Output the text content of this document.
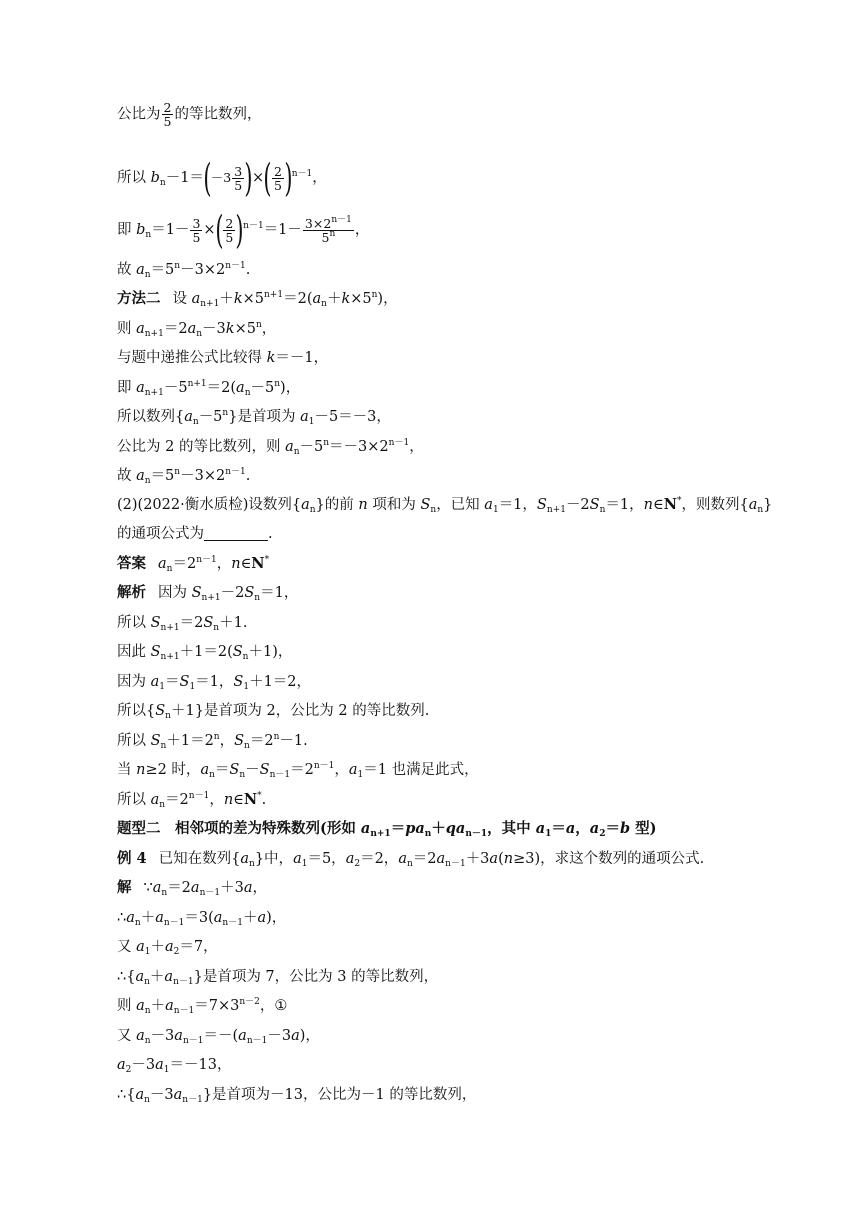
公比为 $\frac{2}{5}$ 的等比数列，
所以 $b_n-1=$ ( $-3 \frac{3}{5}$ ) × ( $\frac{2}{5}$ ) $^{n-1}$，
即 $b_n=1- \frac{3}{5}$ × ( $\frac{2}{5}$ ) $^{n-1}=1- \frac{3\times 2^{n-1}}{5^n}$ ，
故 $a_n=5^n-3\times 2^{n-1}$.
方法二 设 $a_{n+1}+k\times 5^{n+1}=2(a_n+k\times 5^n)$，
则 $a_{n+1}=2a_n-3k\times 5^n$，
与题中递推公式比较得 k＝－1，
即 $a_{n+1}-5^{n+1}=2(a_n-5^n)$，
所以数列$\{a_n-5^n\}$是首项为 $a_1-5=-3$，
公比为 2 的等比数列，则 $a_n-5^n=-3\times 2^{n-1}$，
故 $a_n=5^n-3\times 2^{n-1}$.
(2)(2022·衡水质检)设数列$\{a_n\}$的前 n 项和为 $S_n$，已知 $a_1=1$，$S_{n+1}-2S_n=1$，n∈N*，则数列$\{a_n\}$
的通项公式为	.
答案 $a_n=2^{n-1}$，n∈N*
解析 因为 $S_{n+1}-2S_n=1$，
所以 $S_{n+1}=2S_n+1$.
因此 $S_{n+1}+1=2(S_n+1)$，
因为 $a_1=S_1=1$，$S_1+1=2$，
所以$\{S_n+1\}$是首项为 2，公比为 2 的等比数列.
所以 $S_n+1=2^n$，$S_n=2^n-1$.
当 n≥2 时，$a_n=S_n-S_{n-1}=2^{n-1}$，$a_1=1$ 也满足此式，
所以 $a_n=2^{n-1}$，n∈N*.
题型二　相邻项的差为特殊数列(形如 $a_{n+1}=pa_n+qa_{n-1}$，其中 $a_1=a$，$a_2=b$ 型)
例 4 已知在数列$\{a_n\}$中，$a_1=5$，$a_2=2$，$a_n=2a_{n-1}+3a(n\ge 3)$，求这个数列的通项公式.
解 $\because a_n=2a_{n-1}+3a$，
$\therefore a_n+a_{n-1}=3(a_{n-1}+a)$，
又 $a_1+a_2=7$，
$\therefore\{a_n+a_{n-1}\}$是首项为 7，公比为 3 的等比数列，
则 $a_n+a_{n-1}=7\times 3^{n-2}$，①
又 $a_n-3a_{n-1}=-(a_{n-1}-3a)$，
$a_2-3a_1=-13$，
$\therefore\{a_n-3a_{n-1}\}$是首项为－13，公比为－1 的等比数列，
